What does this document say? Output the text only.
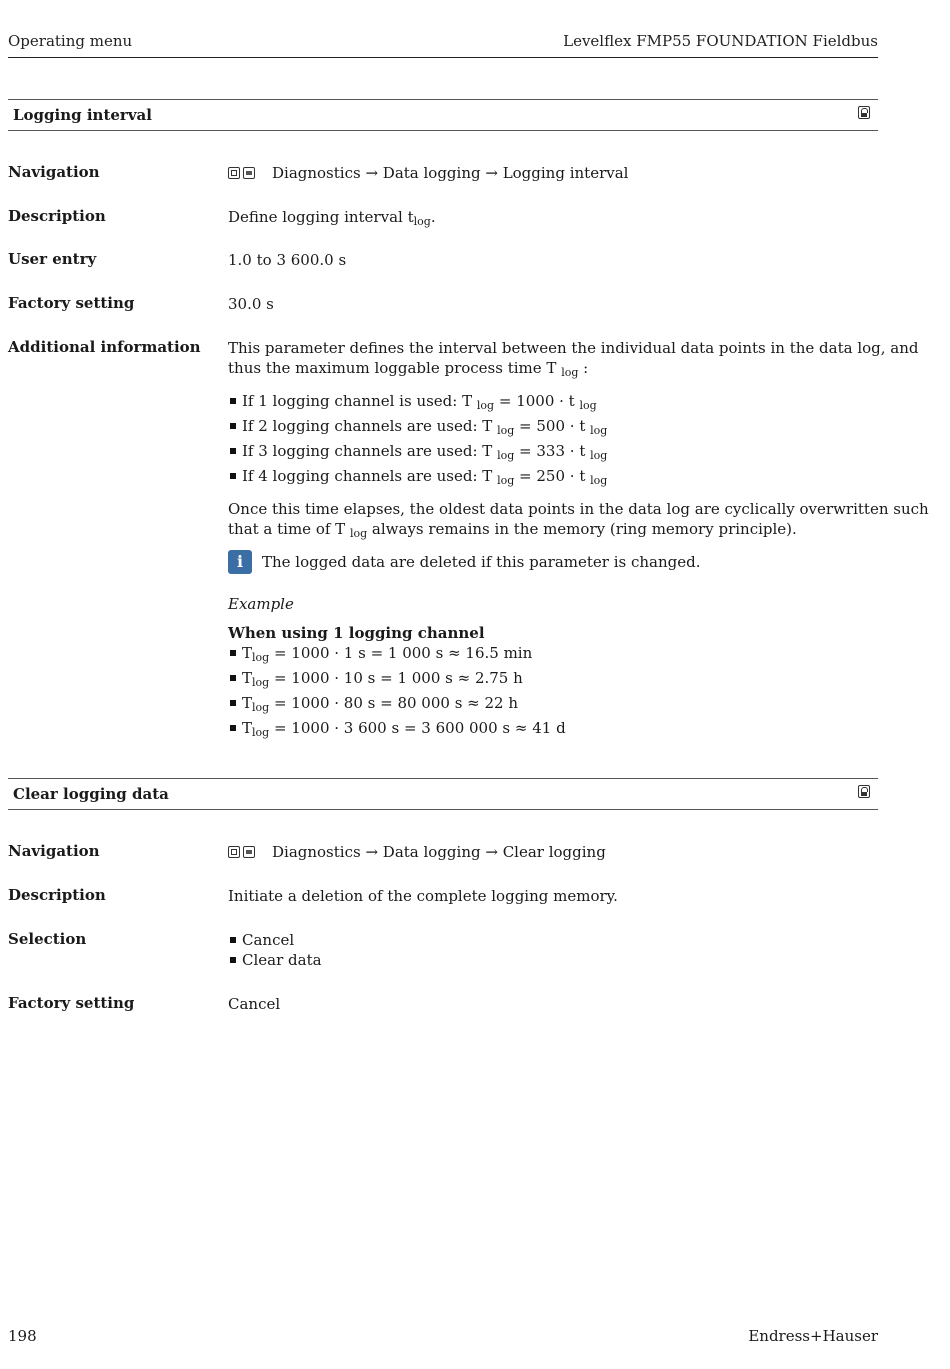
Operating menu	Levelflex FMP55 FOUNDATION Fieldbus
Logging interval
Navigation	Diagnostics → Data logging → Logging interval
Description	Define logging interval $t_{log}$.
User entry	1.0 to 3 600.0 s
Factory setting	30.0 s
Additional information This parameter defines the interval between the individual data points in the data log, and
thus the maximum loggable process time T $_{log}$ :
If 1 logging channel is used: T $_{log}$ = 1000 · t $_{log}$
If 2 logging channels are used: T $_{log}$ = 500 · t $_{log}$
If 3 logging channels are used: T $_{log}$ = 333 · t $_{log}$
If 4 logging channels are used: T $_{log}$ = 250 · t $_{log}$
Once this time elapses, the oldest data points in the data log are cyclically overwritten such
that a time of T $_{log}$ always remains in the memory (ring memory principle).
i	The logged data are deleted if this parameter is changed.
Example
When using 1 logging channel
$T_{log} = 1000 \cdot 1$ s = 1 000 s ≈ 16.5 min
$T_{log} = 1000 \cdot 10$ s = 1 000 s ≈ 2.75 h
$T_{log} = 1000 \cdot 80$ s = 80 000 s ≈ 22 h
$T_{log} = 1000 \cdot 3$ 600 s = 3 600 000 s ≈ 41 d
Clear logging data
Navigation	Diagnostics → Data logging → Clear logging
Description	Initiate a deletion of the complete logging memory.
Selection	Cancel
Clear data
Factory setting	Cancel
198	Endress+Hauser
